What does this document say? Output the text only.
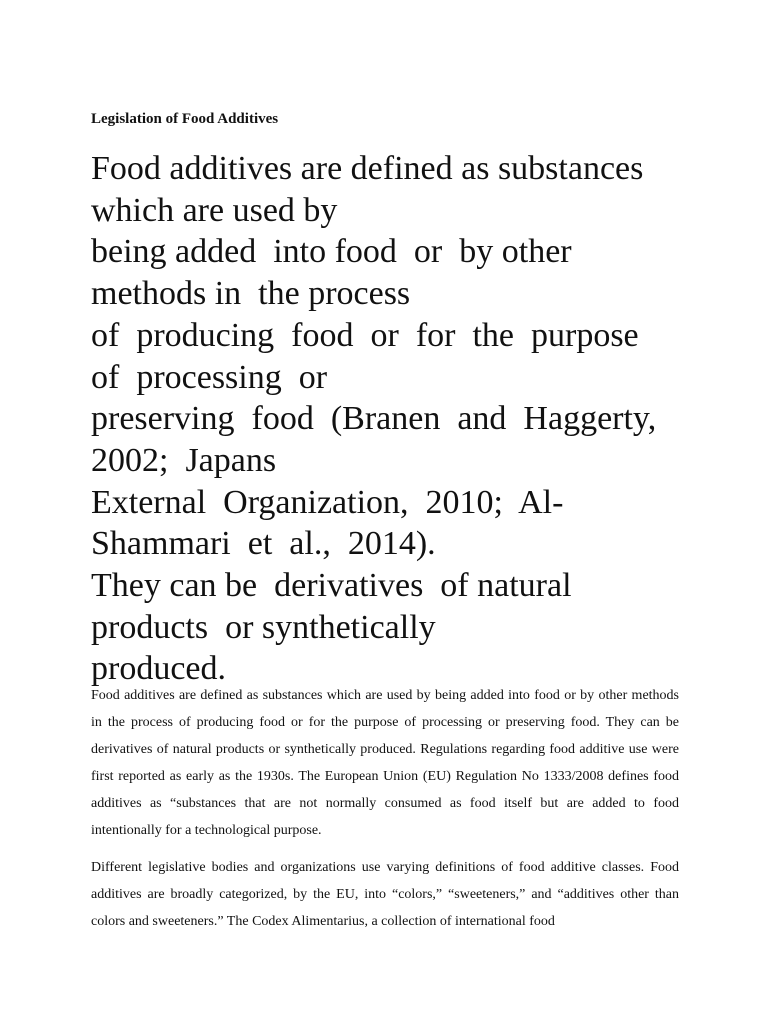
Legislation of Food Additives

Food additives are defined as substances
which are used by
being added  into food  or  by other
methods in  the process
of  producing  food  or  for  the  purpose
of  processing  or
preserving  food  (Branen  and  Haggerty,
2002;  Japans
External  Organization,  2010;  Al-
Shammari  et  al.,  2014).
They can be  derivatives  of natural
products  or synthetically
produced.

Food additives are defined as substances which are used by being added into food or by other methods in the process of producing food or for the purpose of processing or preserving food. They can be derivatives of natural products or synthetically produced. Regulations regarding food additive use were first reported as early as the 1930s. The European Union (EU) Regulation No 1333/2008 defines food additives as “substances that are not normally consumed as food itself but are added to food intentionally for a technological purpose.

Different legislative bodies and organizations use varying definitions of food additive classes. Food additives are broadly categorized, by the EU, into “colors,” “sweeteners,” and “additives other than colors and sweeteners.” The Codex Alimentarius, a collection of international food
